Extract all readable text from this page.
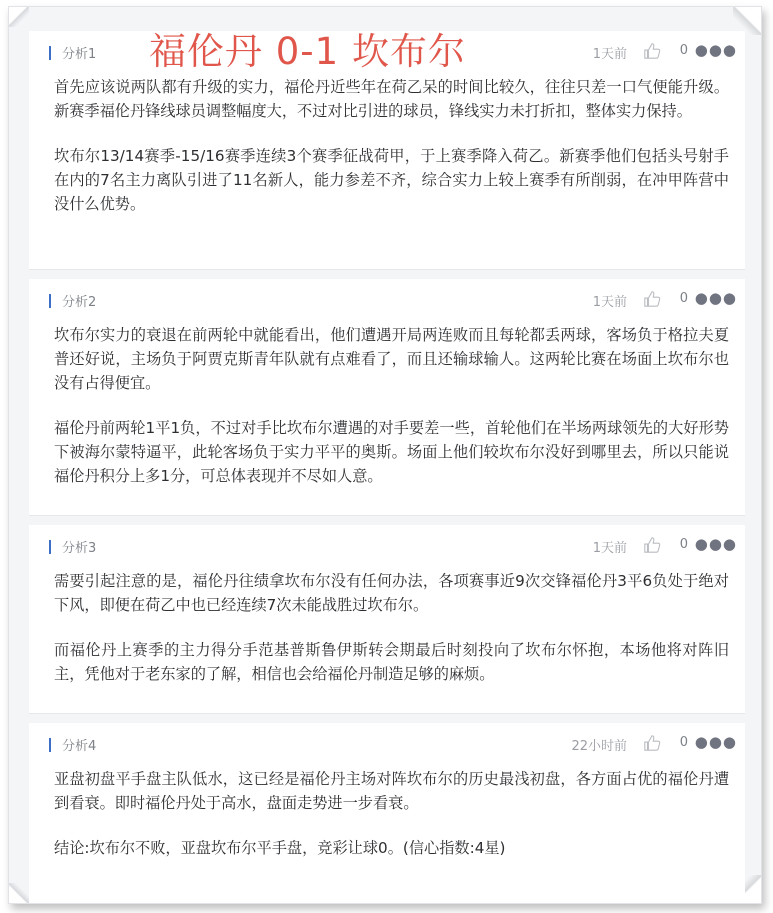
分析1	1天前	0 ●●●

首先应该说两队都有升级的实力，福伦丹近些年在荷乙呆的时间比较久，往往只差一口气便能升级。新赛季福伦丹锋线球员调整幅度大，不过对比引进的球员，锋线实力未打折扣，整体实力保持。

坎布尔13/14赛季-15/16赛季连续3个赛季征战荷甲，于上赛季降入荷乙。新赛季他们包括头号射手在内的7名主力离队引进了11名新人，能力参差不齐，综合实力上较上赛季有所削弱，在冲甲阵营中没什么优势。

分析2	1天前	0 ●●●

坎布尔实力的衰退在前两轮中就能看出，他们遭遇开局两连败而且每轮都丢两球，客场负于格拉夫夏普还好说，主场负于阿贾克斯青年队就有点难看了，而且还输球输人。这两轮比赛在场面上坎布尔也没有占得便宜。

福伦丹前两轮1平1负，不过对手比坎布尔遭遇的对手要差一些，首轮他们在半场两球领先的大好形势下被海尔蒙特逼平，此轮客场负于实力平平的奥斯。场面上他们较坎布尔没好到哪里去，所以只能说福伦丹积分上多1分，可总体表现并不尽如人意。

分析3	1天前	0 ●●●

需要引起注意的是，福伦丹往绩拿坎布尔没有任何办法，各项赛事近9次交锋福伦丹3平6负处于绝对下风，即便在荷乙中也已经连续7次未能战胜过坎布尔。

而福伦丹上赛季的主力得分手范基普斯鲁伊斯转会期最后时刻投向了坎布尔怀抱，本场他将对阵旧主，凭他对于老东家的了解，相信也会给福伦丹制造足够的麻烦。

分析4	22小时前	0 ●●●

亚盘初盘平手盘主队低水，这已经是福伦丹主场对阵坎布尔的历史最浅初盘，各方面占优的福伦丹遭到看衰。即时福伦丹处于高水，盘面走势进一步看衰。

结论:坎布尔不败，亚盘坎布尔平手盘，竞彩让球0。(信心指数:4星)

福伦丹 0-1 坎布尔
